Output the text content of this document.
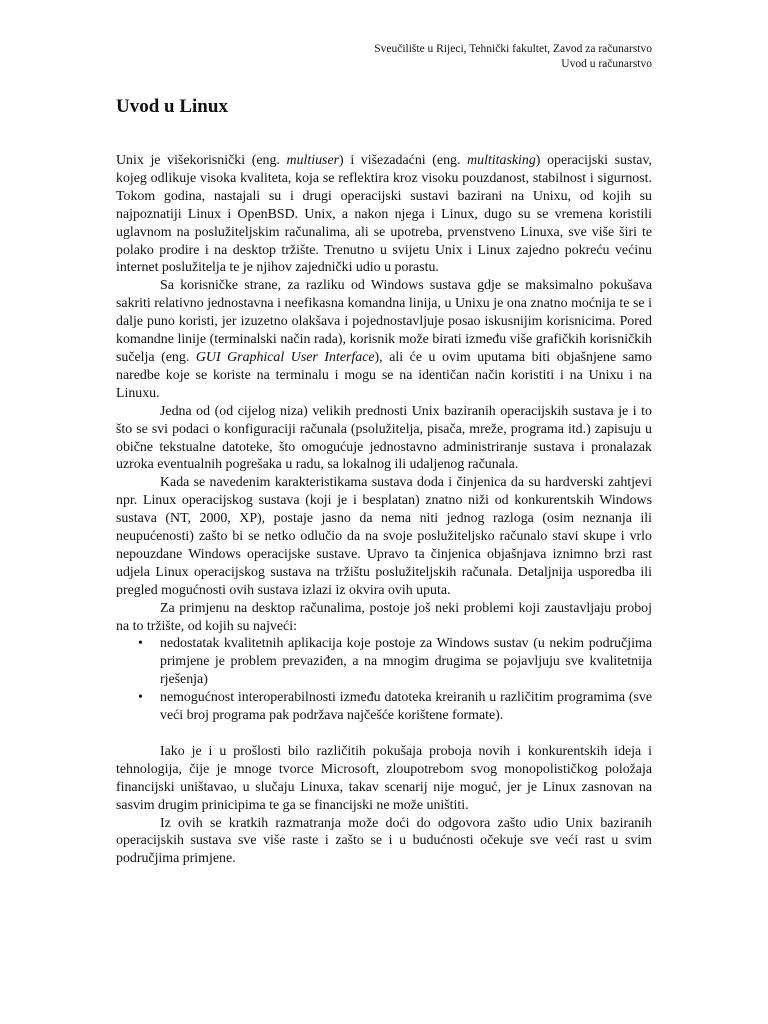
Sveučilište u Rijeci, Tehnički fakultet, Zavod za računarstvo
Uvod u računarstvo
Uvod u Linux

Unix je višekorisnički (eng. multiuser) i višezadaćni (eng. multitasking) operacijski sustav, kojeg odlikuje visoka kvaliteta, koja se reflektira kroz visoku pouzdanost, stabilnost i sigurnost. Tokom godina, nastajali su i drugi operacijski sustavi bazirani na Unixu, od kojih su najpoznatiji Linux i OpenBSD. Unix, a nakon njega i Linux, dugo su se vremena koristili uglavnom na poslužiteljskim računalima, ali se upotreba, prvenstveno Linuxa, sve više širi te polako prodire i na desktop tržište. Trenutno u svijetu Unix i Linux zajedno pokreću većinu internet poslužitelja te je njihov zajednički udio u porastu.

Sa korisničke strane, za razliku od Windows sustava gdje se maksimalno pokušava sakriti relativno jednostavna i neefikasna komandna linija, u Unixu je ona znatno moćnija te se i dalje puno koristi, jer izuzetno olakšava i pojednostavljuje posao iskusnijim korisnicima. Pored komandne linije (terminalski način rada), korisnik može birati između više grafičkih korisničkih sučelja (eng. GUI Graphical User Interface), ali će u ovim uputama biti objašnjene samo naredbe koje se koriste na terminalu i mogu se na identičan način koristiti i na Unixu i na Linuxu.

Jedna od (od cijelog niza) velikih prednosti Unix baziranih operacijskih sustava je i to što se svi podaci o konfiguraciji računala (psolužitelja, pisača, mreže, programa itd.) zapisuju u obične tekstualne datoteke, što omogućuje jednostavno administriranje sustava i pronalazak uzroka eventualnih pogrešaka u radu, sa lokalnog ili udaljenog računala.

Kada se navedenim karakteristikama sustava doda i činjenica da su hardverski zahtjevi npr. Linux operacijskog sustava (koji je i besplatan) znatno niži od konkurentskih Windows sustava (NT, 2000, XP), postaje jasno da nema niti jednog razloga (osim neznanja ili neupućenosti) zašto bi se netko odlučio da na svoje poslužiteljsko računalo stavi skupe i vrlo nepouzdane Windows operacijske sustave. Upravo ta činjenica objašnjava iznimno brzi rast udjela Linux operacijskog sustava na tržištu poslužiteljskih računala. Detaljnija usporedba ili pregled mogućnosti ovih sustava izlazi iz okvira ovih uputa.

Za primjenu na desktop računalima, postoje još neki problemi koji zaustavljaju proboj na to tržište, od kojih su najveći:

• nedostatak kvalitetnih aplikacija koje postoje za Windows sustav (u nekim područjima primjene je problem prevaziđen, a na mnogim drugima se pojavljuju sve kvalitetnija rješenja)
• nemogućnost interoperabilnosti između datoteka kreiranih u različitim programima (sve veći broj programa pak podržava najčešće korištene formate).

Iako je i u prošlosti bilo različitih pokušaja proboja novih i konkurentskih ideja i tehnologija, čije je mnoge tvorce Microsoft, zloupotrebom svog monopolističkog položaja financijski uništavao, u slučaju Linuxa, takav scenarij nije moguć, jer je Linux zasnovan na sasvim drugim prinicipima te ga se financijski ne može uništiti.

Iz ovih se kratkih razmatranja može doći do odgovora zašto udio Unix baziranih operacijskih sustava sve više raste i zašto se i u budućnosti očekuje sve veći rast u svim područjima primjene.
